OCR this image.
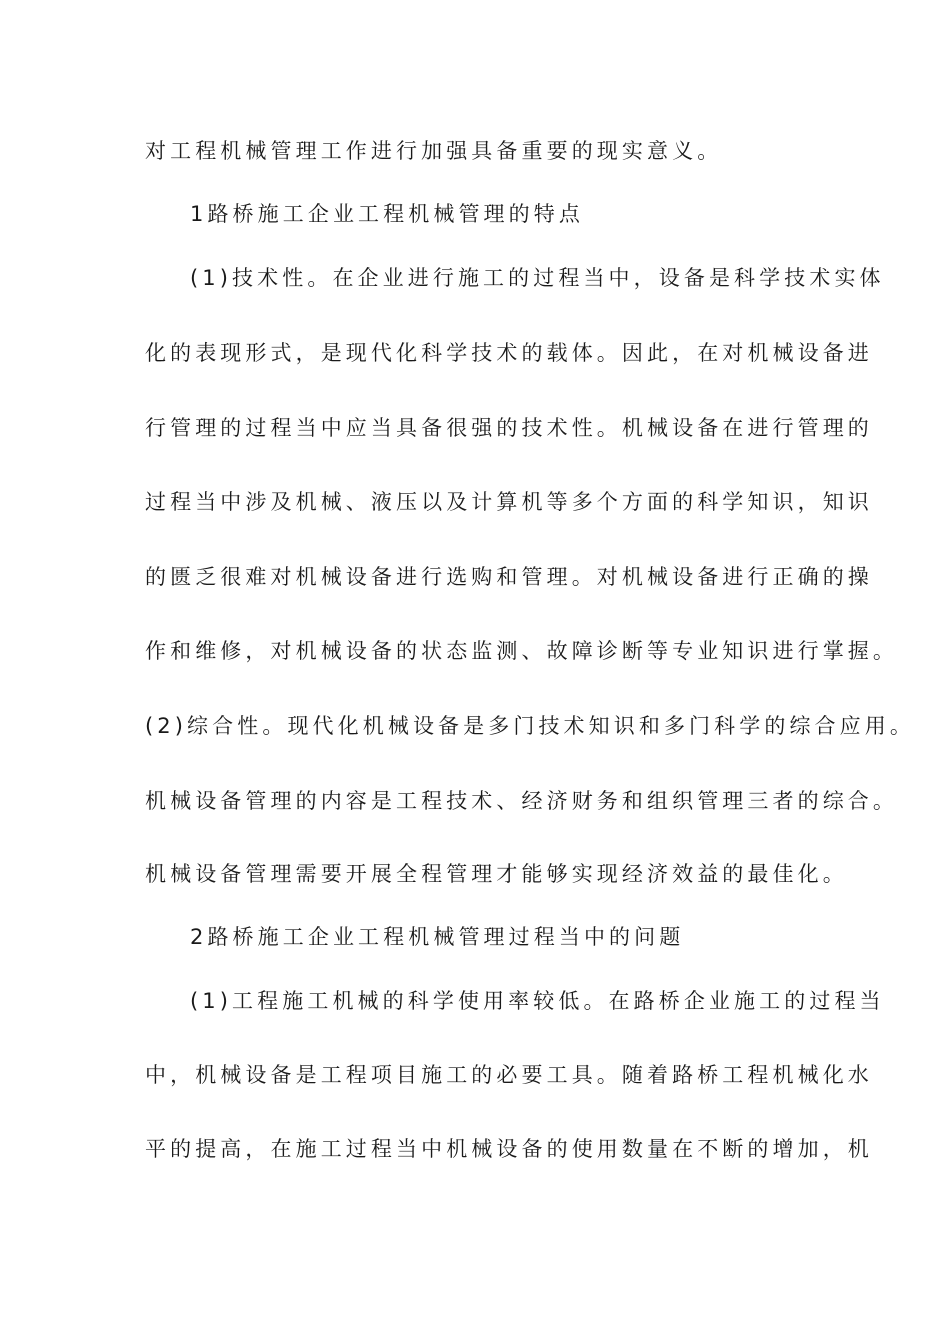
对工程机械管理工作进行加强具备重要的现实意义。
1路桥施工企业工程机械管理的特点
(1)技术性。在企业进行施工的过程当中，设备是科学技术实体
化的表现形式，是现代化科学技术的载体。因此，在对机械设备进
行管理的过程当中应当具备很强的技术性。机械设备在进行管理的
过程当中涉及机械、液压以及计算机等多个方面的科学知识，知识
的匮乏很难对机械设备进行选购和管理。对机械设备进行正确的操
作和维修，对机械设备的状态监测、故障诊断等专业知识进行掌握。
(2)综合性。现代化机械设备是多门技术知识和多门科学的综合应用。
机械设备管理的内容是工程技术、经济财务和组织管理三者的综合。
机械设备管理需要开展全程管理才能够实现经济效益的最佳化。
2路桥施工企业工程机械管理过程当中的问题
(1)工程施工机械的科学使用率较低。在路桥企业施工的过程当
中，机械设备是工程项目施工的必要工具。随着路桥工程机械化水
平的提高，在施工过程当中机械设备的使用数量在不断的增加，机
